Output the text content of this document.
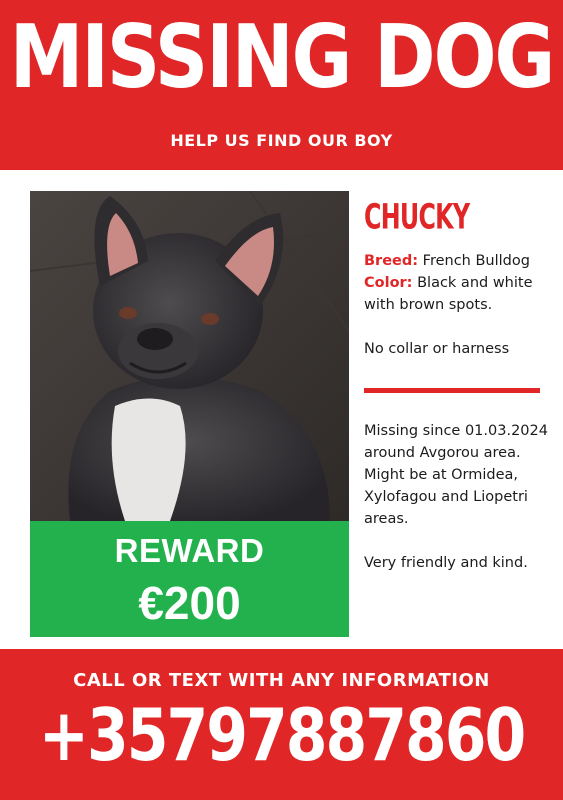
MISSING DOG
HELP US FIND OUR BOY
REWARD
€200
CHUCKY
Breed: French Bulldog
Color: Black and white with brown spots.
No collar or harness
Missing since 01.03.2024 around Avgorou area. Might be at Ormidea, Xylofagou and Liopetri areas.
Very friendly and kind.
CALL OR TEXT WITH ANY INFORMATION
+35797887860
